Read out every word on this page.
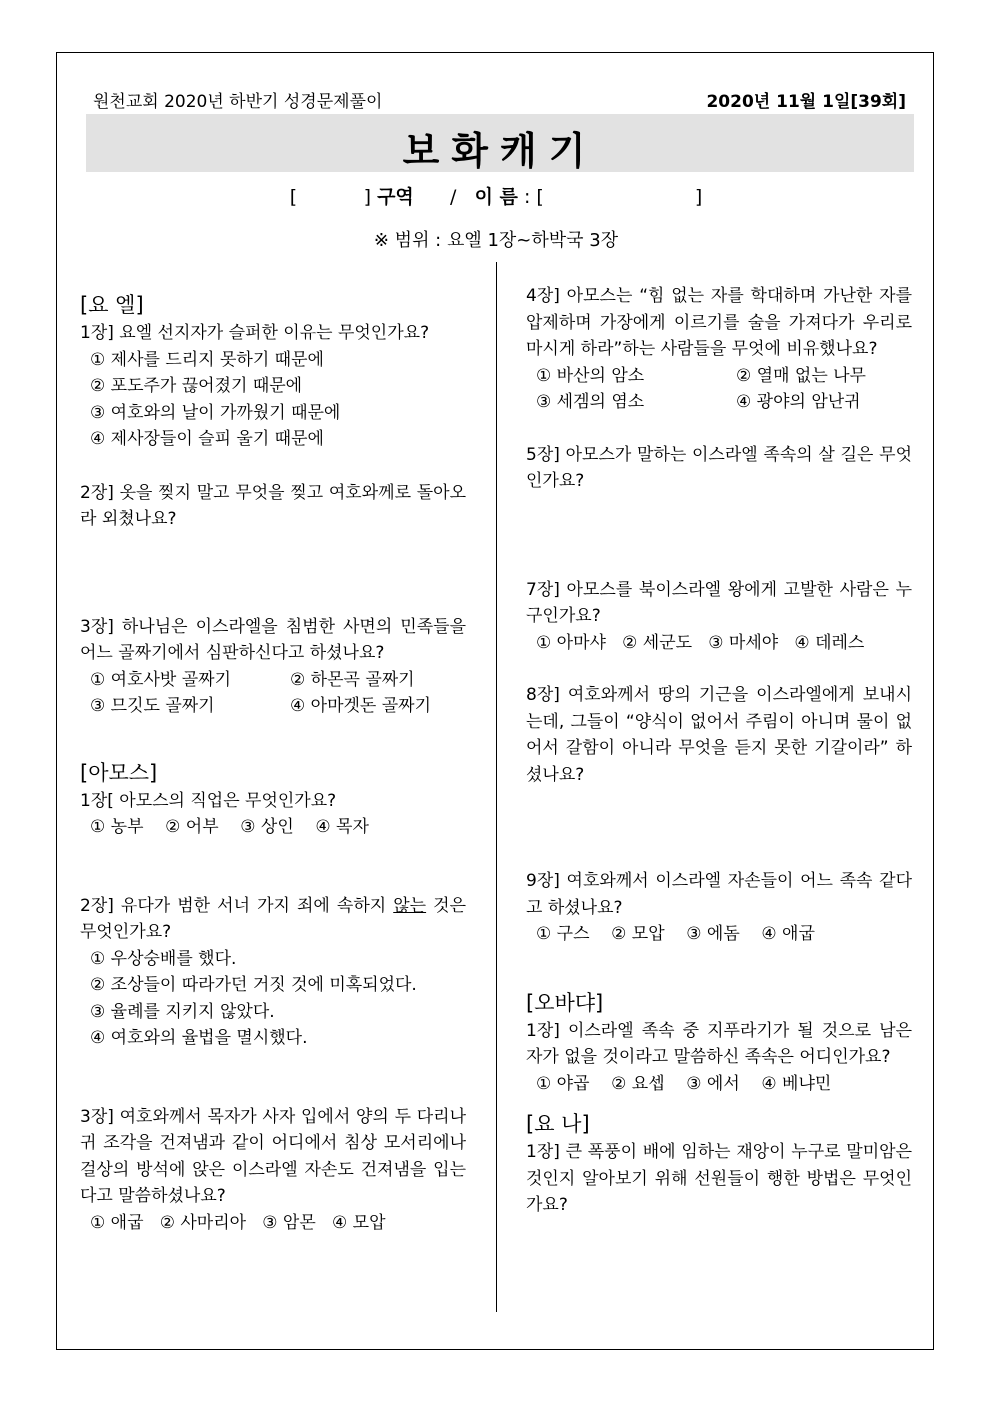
원천교회 2020년 하반기 성경문제풀이	2020년 11월 1일[39회]
보화캐기
[	] 구역 / 이 름 : [	]
※ 범위 : 요엘 1장~하박국 3장
[요 엘]
1장] 요엘 선지자가 슬퍼한 이유는 무엇인가요?
① 제사를 드리지 못하기 때문에
② 포도주가 끊어졌기 때문에
③ 여호와의 날이 가까웠기 때문에
④ 제사장들이 슬피 울기 때문에
2장] 옷을 찢지 말고 무엇을 찢고 여호와께로 돌아오라 외쳤나요?
3장] 하나님은 이스라엘을 침범한 사면의 민족들을 어느 골짜기에서 심판하신다고 하셨나요?
① 여호사밧 골짜기	② 하몬곡 골짜기
③ 므깃도 골짜기	④ 아마겟돈 골짜기
[아모스]
1장[ 아모스의 직업은 무엇인가요?
① 농부 ② 어부 ③ 상인 ④ 목자
2장] 유다가 범한 서너 가지 죄에 속하지 않는 것은 무엇인가요?
① 우상숭배를 했다.
② 조상들이 따라가던 거짓 것에 미혹되었다.
③ 율례를 지키지 않았다.
④ 여호와의 율법을 멸시했다.
3장] 여호와께서 목자가 사자 입에서 양의 두 다리나 귀 조각을 건져냄과 같이 어디에서 침상 모서리에나 걸상의 방석에 앉은 이스라엘 자손도 건져냄을 입는다고 말씀하셨나요?
① 애굽 ② 사마리아 ③ 암몬 ④ 모압
4장] 아모스는 “힘 없는 자를 학대하며 가난한 자를 압제하며 가장에게 이르기를 술을 가져다가 우리로 마시게 하라”하는 사람들을 무엇에 비유했나요?
① 바산의 암소	② 열매 없는 나무
③ 세겜의 염소	④ 광야의 암난귀
5장] 아모스가 말하는 이스라엘 족속의 살 길은 무엇인가요?
7장] 아모스를 북이스라엘 왕에게 고발한 사람은 누구인가요?
① 아마샤 ② 세군도 ③ 마세야 ④ 데레스
8장] 여호와께서 땅의 기근을 이스라엘에게 보내시는데, 그들이 “양식이 없어서 주림이 아니며 물이 없어서 갈함이 아니라 무엇을 듣지 못한 기갈이라” 하셨나요?
9장] 여호와께서 이스라엘 자손들이 어느 족속 같다고 하셨나요?
① 구스 ② 모압 ③ 에돔 ④ 애굽
[오바댜]
1장] 이스라엘 족속 중 지푸라기가 될 것으로 남은 자가 없을 것이라고 말씀하신 족속은 어디인가요?
① 야곱 ② 요셉 ③ 에서 ④ 베냐민
[요 나]
1장] 큰 폭풍이 배에 임하는 재앙이 누구로 말미암은 것인지 알아보기 위해 선원들이 행한 방법은 무엇인가요?
